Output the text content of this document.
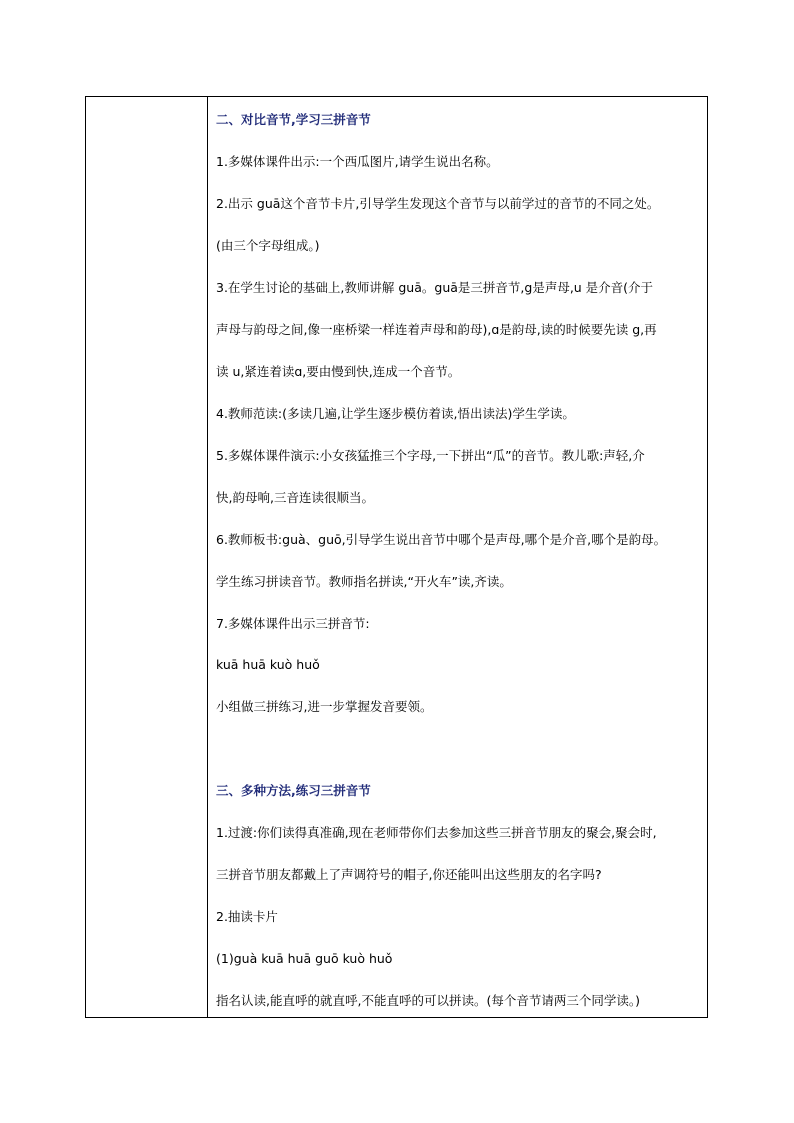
二、对比音节,学习三拼音节
1.多媒体课件出示:一个西瓜图片,请学生说出名称。
2.出示 guā这个音节卡片,引导学生发现这个音节与以前学过的音节的不同之处。
(由三个字母组成。)
3.在学生讨论的基础上,教师讲解 guā。guā是三拼音节,g是声母,u 是介音(介于
声母与韵母之间,像一座桥梁一样连着声母和韵母),ɑ是韵母,读的时候要先读 g,再
读 u,紧连着读ɑ,要由慢到快,连成一个音节。
4.教师范读:(多读几遍,让学生逐步模仿着读,悟出读法)学生学读。
5.多媒体课件演示:小女孩猛推三个字母,一下拼出“瓜”的音节。教儿歌:声轻,介
快,韵母响,三音连读很顺当。
6.教师板书:guà、guō,引导学生说出音节中哪个是声母,哪个是介音,哪个是韵母。
学生练习拼读音节。教师指名拼读,“开火车”读,齐读。
7.多媒体课件出示三拼音节:
kuā huā kuò huǒ
小组做三拼练习,进一步掌握发音要领。
三、多种方法,练习三拼音节
1.过渡:你们读得真准确,现在老师带你们去参加这些三拼音节朋友的聚会,聚会时,
三拼音节朋友都戴上了声调符号的帽子,你还能叫出这些朋友的名字吗?
2.抽读卡片
(1)guà kuā huā guō kuò huǒ
指名认读,能直呼的就直呼,不能直呼的可以拼读。(每个音节请两三个同学读。)
